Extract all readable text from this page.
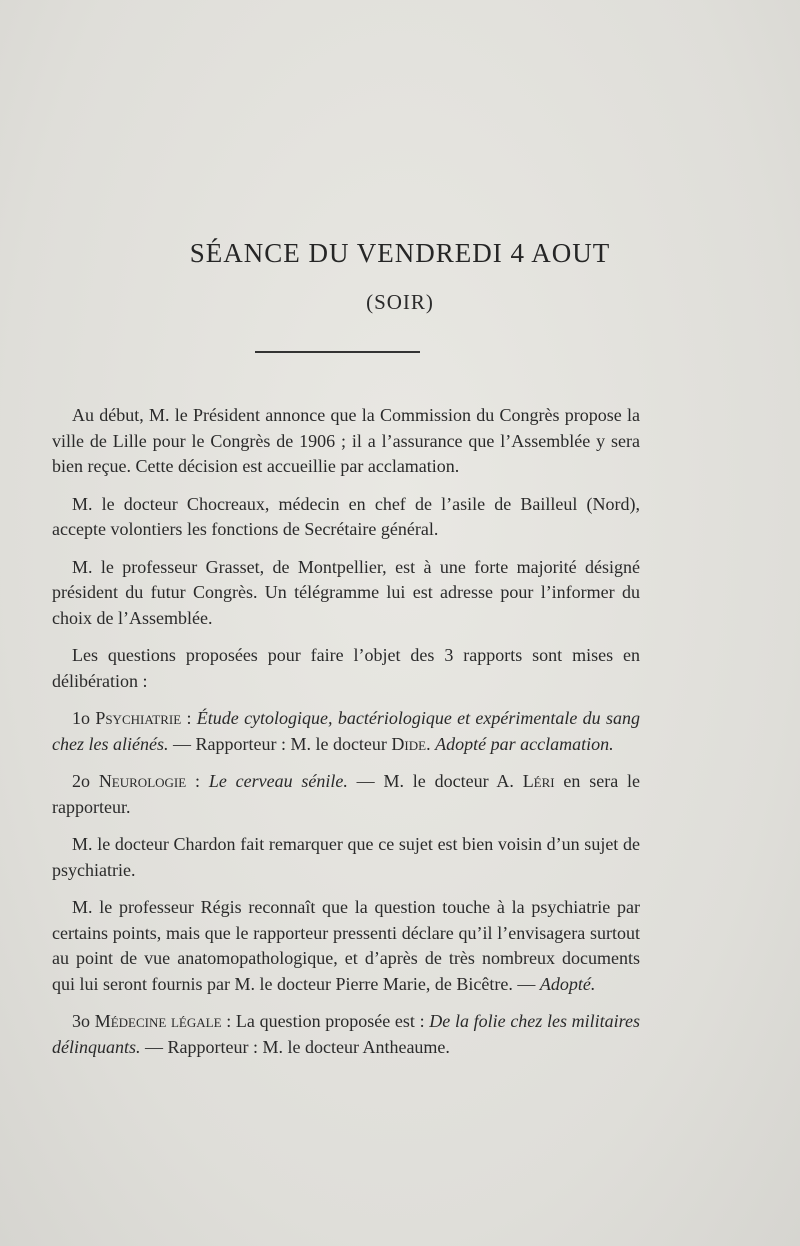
SÉANCE DU VENDREDI 4 AOUT
(SOIR)

Au début, M. le Président annonce que la Commission du Congrès propose la ville de Lille pour le Congrès de 1906 ; il a l’assurance que l’Assemblée y sera bien reçue. Cette décision est accueillie par acclamation.

M. le docteur Chocreaux, médecin en chef de l’asile de Bailleul (Nord), accepte volontiers les fonctions de Secrétaire général.

M. le professeur Grasset, de Montpellier, est à une forte majorité désigné président du futur Congrès. Un télégramme lui est adresse pour l’informer du choix de l’Assemblée.

Les questions proposées pour faire l’objet des 3 rapports sont mises en délibération :

1o Psychiatrie : Étude cytologique, bactériologique et expérimentale du sang chez les aliénés. — Rapporteur : M. le docteur Dide. Adopté par acclamation.

2o Neurologie : Le cerveau sénile. — M. le docteur A. Léri en sera le rapporteur.

M. le docteur Chardon fait remarquer que ce sujet est bien voisin d’un sujet de psychiatrie.

M. le professeur Régis reconnaît que la question touche à la psychiatrie par certains points, mais que le rapporteur pressenti déclare qu’il l’envisagera surtout au point de vue anatomopathologique, et d’après de très nombreux documents qui lui seront fournis par M. le docteur Pierre Marie, de Bicêtre. — Adopté.

3o Médecine légale : La question proposée est : De la folie chez les militaires délinquants. — Rapporteur : M. le docteur Antheaume.
